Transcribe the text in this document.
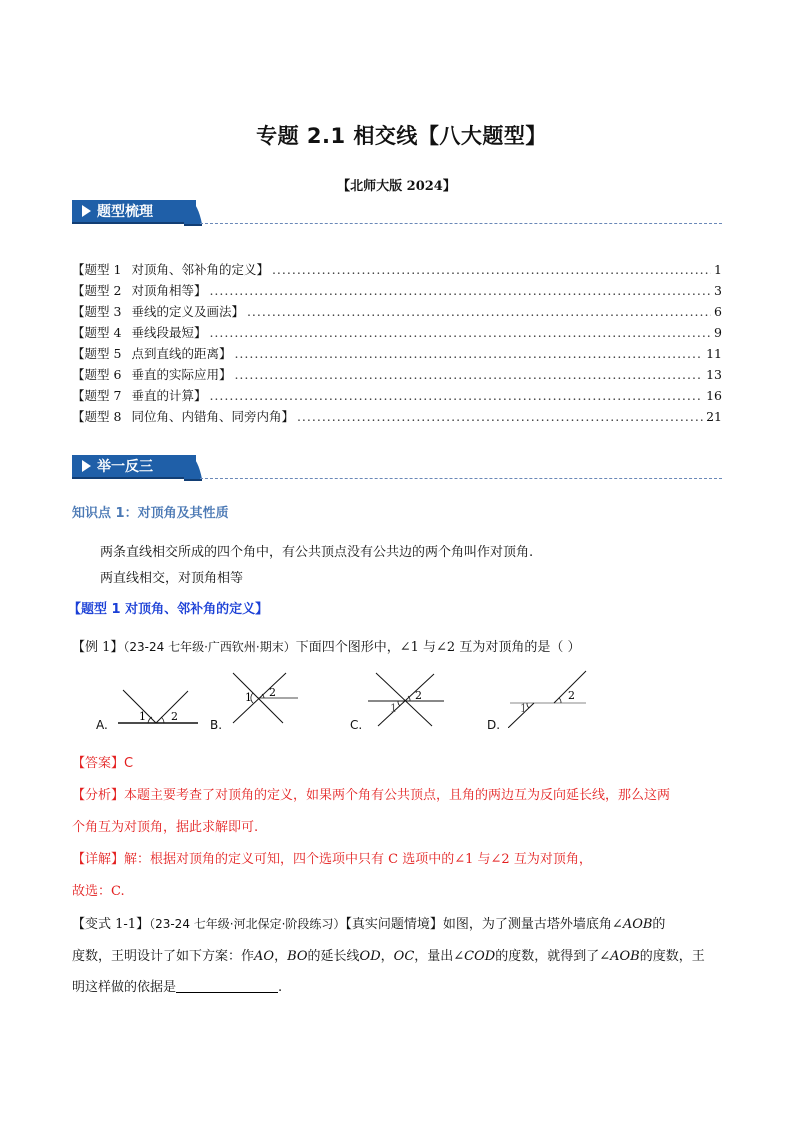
专题 2.1 相交线【八大题型】
【北师大版 2024】
题型梳理
【题型 1 对顶角、邻补角的定义】 .....	1
【题型 2 对顶角相等】 .....	3
【题型 3 垂线的定义及画法】 .....	6
【题型 4 垂线段最短】 .....	9
【题型 5 点到直线的距离】 .....	11
【题型 6 垂直的实际应用】 .....	13
【题型 7 垂直的计算】 .....	16
【题型 8 同位角、内错角、同旁内角】 .....	21
举一反三
知识点 1：对顶角及其性质
两条直线相交所成的四个角中，有公共顶点没有公共边的两个角叫作对顶角.
两直线相交，对顶角相等
【题型 1 对顶角、邻补角的定义】
【例 1】（23-24 七年级·广西钦州·期末）下面四个图形中，∠1 与∠2 互为对顶角的是（ ）
A.
1 2
B.
1 2
C.
1
2
D.
1
2
【答案】C
【分析】本题主要考查了对顶角的定义，如果两个角有公共顶点，且角的两边互为反向延长线，那么这两
个角互为对顶角，据此求解即可.
【详解】解：根据对顶角的定义可知，四个选项中只有 C 选项中的∠1 与∠2 互为对顶角，
故选：C.
【变式 1-1】（23-24 七年级·河北保定·阶段练习）【真实问题情境】如图，为了测量古塔外墙底角∠AOB的
度数，王明设计了如下方案：作AO，BO的延长线OD，OC，量出∠COD的度数，就得到了∠AOB的度数，王
明这样做的依据是	.
